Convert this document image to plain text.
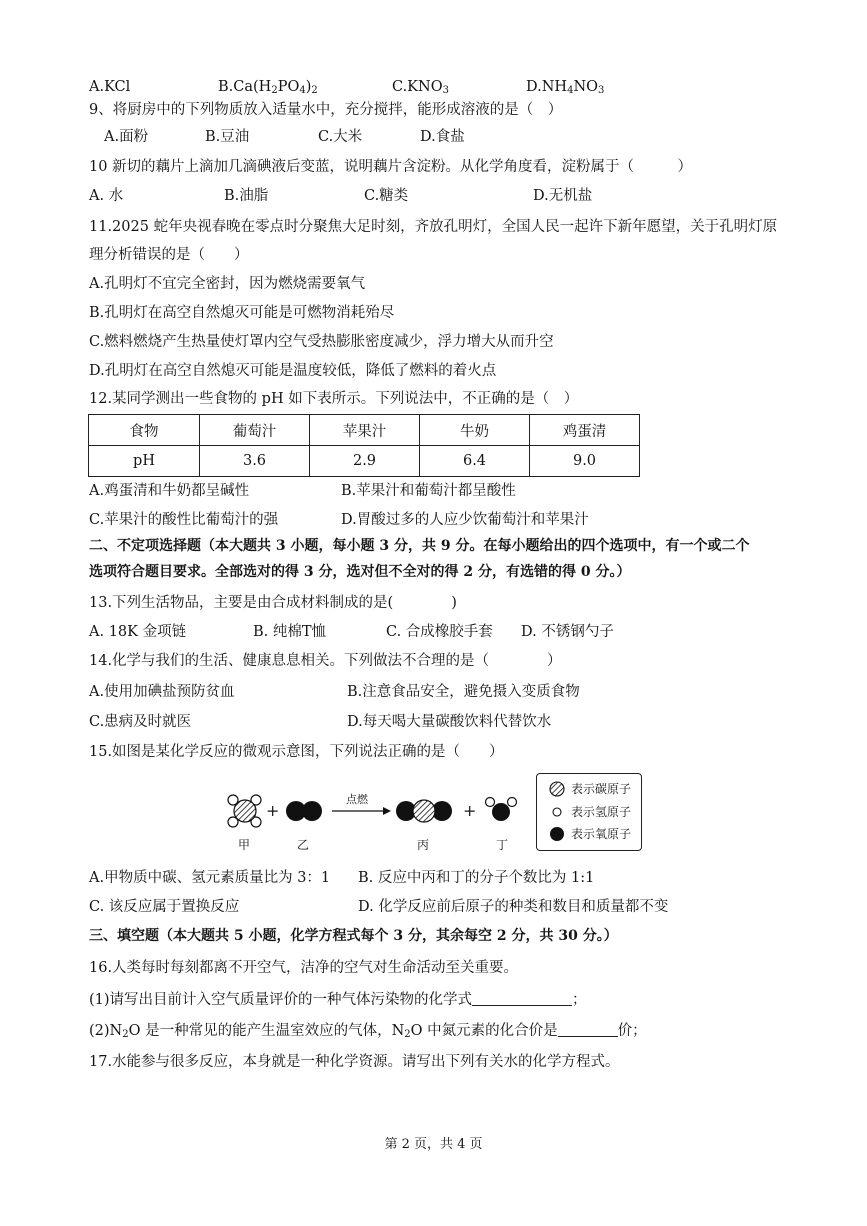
A.KCl	$B.Ca(H_2PO_4)_2$	$C.KNO_3$	$D.NH_4NO_3$
9、将厨房中的下列物质放入适量水中，充分搅拌，能形成溶液的是（　）
A.面粉	B.豆油	C.大米	D.食盐
10 新切的藕片上滴加几滴碘液后变蓝，说明藕片含淀粉。从化学角度看，淀粉属于（　　　）
A. 水	B.油脂	C.糖类	D.无机盐
11.2025 蛇年央视春晚在零点时分聚焦大足时刻，齐放孔明灯，全国人民一起许下新年愿望，关于孔明灯原
理分析错误的是（　　）
A.孔明灯不宜完全密封，因为燃烧需要氧气
B.孔明灯在高空自然熄灭可能是可燃物消耗殆尽
C.燃料燃烧产生热量使灯罩内空气受热膨胀密度减少，浮力增大从而升空
D.孔明灯在高空自然熄灭可能是温度较低，降低了燃料的着火点
12.某同学测出一些食物的 pH 如下表所示。下列说法中，不正确的是（　）
食物	葡萄汁	苹果汁	牛奶	鸡蛋清
pH	3.6	2.9	6.4	9.0
A.鸡蛋清和牛奶都呈碱性	B.苹果汁和葡萄汁都呈酸性
C.苹果汁的酸性比葡萄汁的强	D.胃酸过多的人应少饮葡萄汁和苹果汁
二、不定项选择题（本大题共 3 小题，每小题 3 分，共 9 分。在每小题给出的四个选项中，有一个或二个
选项符合题目要求。全部选对的得 3 分，选对但不全对的得 2 分，有选错的得 0 分。）
13.下列生活物品，主要是由合成材料制成的是(　　　　)
A. 18K 金项链	B. 纯棉T恤	C. 合成橡胶手套 D. 不锈钢勺子
14.化学与我们的生活、健康息息相关。下列做法不合理的是（　　　　）
A.使用加碘盐预防贫血	B.注意食品安全，避免摄入变质食物
C.患病及时就医	D.每天喝大量碳酸饮料代替饮水
15.如图是某化学反应的微观示意图，下列说法正确的是（　　）
+	+
点燃
甲	乙	丙	丁
表示碳原子
表示氢原子
表示氧原子
A.甲物质中碳、氢元素质量比为 3：1 B. 反应中丙和丁的分子个数比为 1:1
C. 该反应属于置换反应	D. 化学反应前后原子的种类和数目和质量都不变
三、填空题（本大题共 5 小题，化学方程式每个 3 分，其余每空 2 分，共 30 分。）
16.人类每时每刻都离不开空气，洁净的空气对生命活动至关重要。
(1)请写出目前计入空气质量评价的一种气体污染物的化学式	；
$(2)N_2O$ 是一种常见的能产生温室效应的气体，$N_2O$ 中氮元素的化合价是	价；
17.水能参与很多反应，本身就是一种化学资源。请写出下列有关水的化学方程式。
第 2 页，共 4 页
